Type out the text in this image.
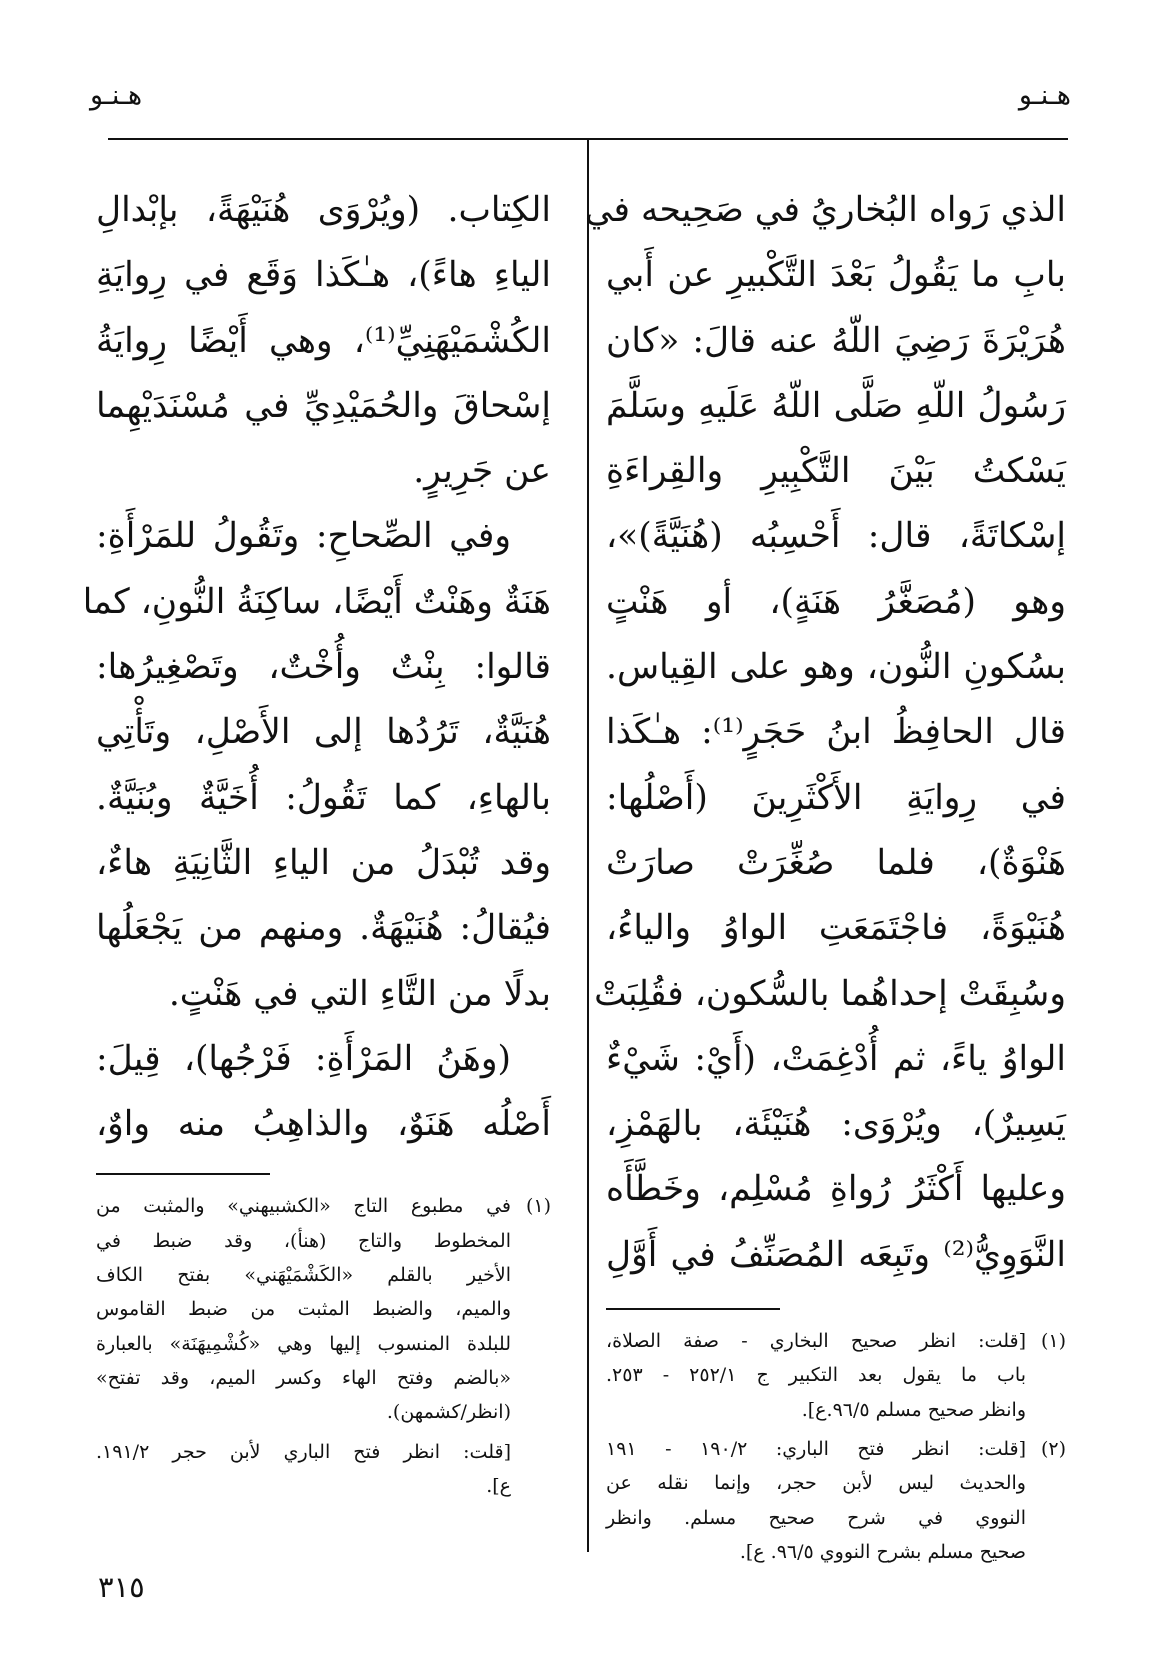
هـنـو
هـنـو
الذي رَواه البُخاريُ في صَحِيحه في
بابِ ما يَقُولُ بَعْدَ التَّكْبيرِ عن أَبي
هُرَيْرَةَ رَضِيَ اللّهُ عنه قالَ: «كان
رَسُولُ اللّهِ صَلَّى اللّهُ عَلَيهِ وسَلَّمَ
يَسْكتُ بَيْنَ التَّكْبِيرِ والقِراءَةِ
إسْكاتَةً، قال: أَحْسِبُه (هُنَيَّةً)»،
وهو (مُصَغَّرُ هَنَةٍ)، أو هَنْتٍ
بسُكونِ النُّون، وهو على القِياس.
قال الحافِظُ ابنُ حَجَرٍ⁽¹⁾: هـٰكَذا
في رِوايَةِ الأَكْثَرِينَ (أَصْلُها:
هَنْوَةٌ)، فلما صُغِّرَتْ صارَتْ
هُنَيْوَةً، فاجْتَمَعَتِ الواوُ والياءُ،
وسُبِقَتْ إحداهُما بالسُّكون، فقُلِبَتْ
الواوُ ياءً، ثم أُدْغِمَتْ، (أَيْ: شَيْءٌ
يَسِيرٌ)، ويُرْوَى: هُنَيْئَة، بالهَمْزِ،
وعليها أَكْثَرُ رُواةِ مُسْلِم، وخَطَّأَه
النَّوَوِيُّ⁽²⁾ وتَبِعَه المُصَنِّفُ في أَوَّلِ
(١)[قلت: انظر صحيح البخاري - صفة الصلاة،
باب ما يقول بعد التكبير ج ٢٥٢/١ - ٢٥٣.
وانظر صحيح مسلم ٩٦/٥.ع].
(٢)[قلت: انظر فتح الباري: ١٩٠/٢ - ١٩١
والحديث ليس لأبن حجر، وإنما نقله عن
النووي في شرح صحيح مسلم. وانظر
صحيح مسلم بشرح النووي ٩٦/٥. ع].
الكِتاب. (ويُرْوَى هُنَيْهَةً، بإبْدالِ
الياءِ هاءً)، هـٰكَذا وَقَع في رِوايَةِ
الكُشْمَيْهَنِيِّ⁽¹⁾، وهي أَيْضًا رِوايَةُ
إسْحاقَ والحُمَيْدِيِّ في مُسْنَدَيْهِما
عن جَرِيرٍ.
وفي الصِّحاحِ: وتَقُولُ للمَرْأَةِ:
هَنَةٌ وهَنْتٌ أَيْضًا، ساكِنَةُ النُّونِ، كما
قالوا: بِنْتٌ وأُخْتٌ، وتَصْغِيرُها:
هُنَيَّةٌ، تَرُدُها إلى الأَصْلِ، وتَأْتِي
بالهاءِ، كما تَقُولُ: أُخَيَّةٌ وبُنَيَّةٌ.
وقد تُبْدَلُ من الياءِ الثَّانِيَةِ هاءٌ،
فيُقالُ: هُنَيْهَةٌ. ومنهم من يَجْعَلُها
بدلًا من التَّاءِ التي في هَنْتٍ.
(وهَنُ المَرْأَةِ: فَرْجُها)، قِيلَ:
أَصْلُه هَنَوٌ، والذاهِبُ منه واوٌ،
(١)في مطبوع التاج «الكشبيهني» والمثبت من
المخطوط والتاج (هنأ)، وقد ضبط في
الأخير بالقلم «الكَشْمَيْهَني» بفتح الكاف
والميم، والضبط المثبت من ضبط القاموس
للبلدة المنسوب إليها وهي «كُشْمِيهَنَة» بالعبارة
«بالضم وفتح الهاء وكسر الميم، وقد تفتح»
(انظر/كشمهن).
[قلت: انظر فتح الباري لأبن حجر ١٩١/٢.
ع].
٣١٥
